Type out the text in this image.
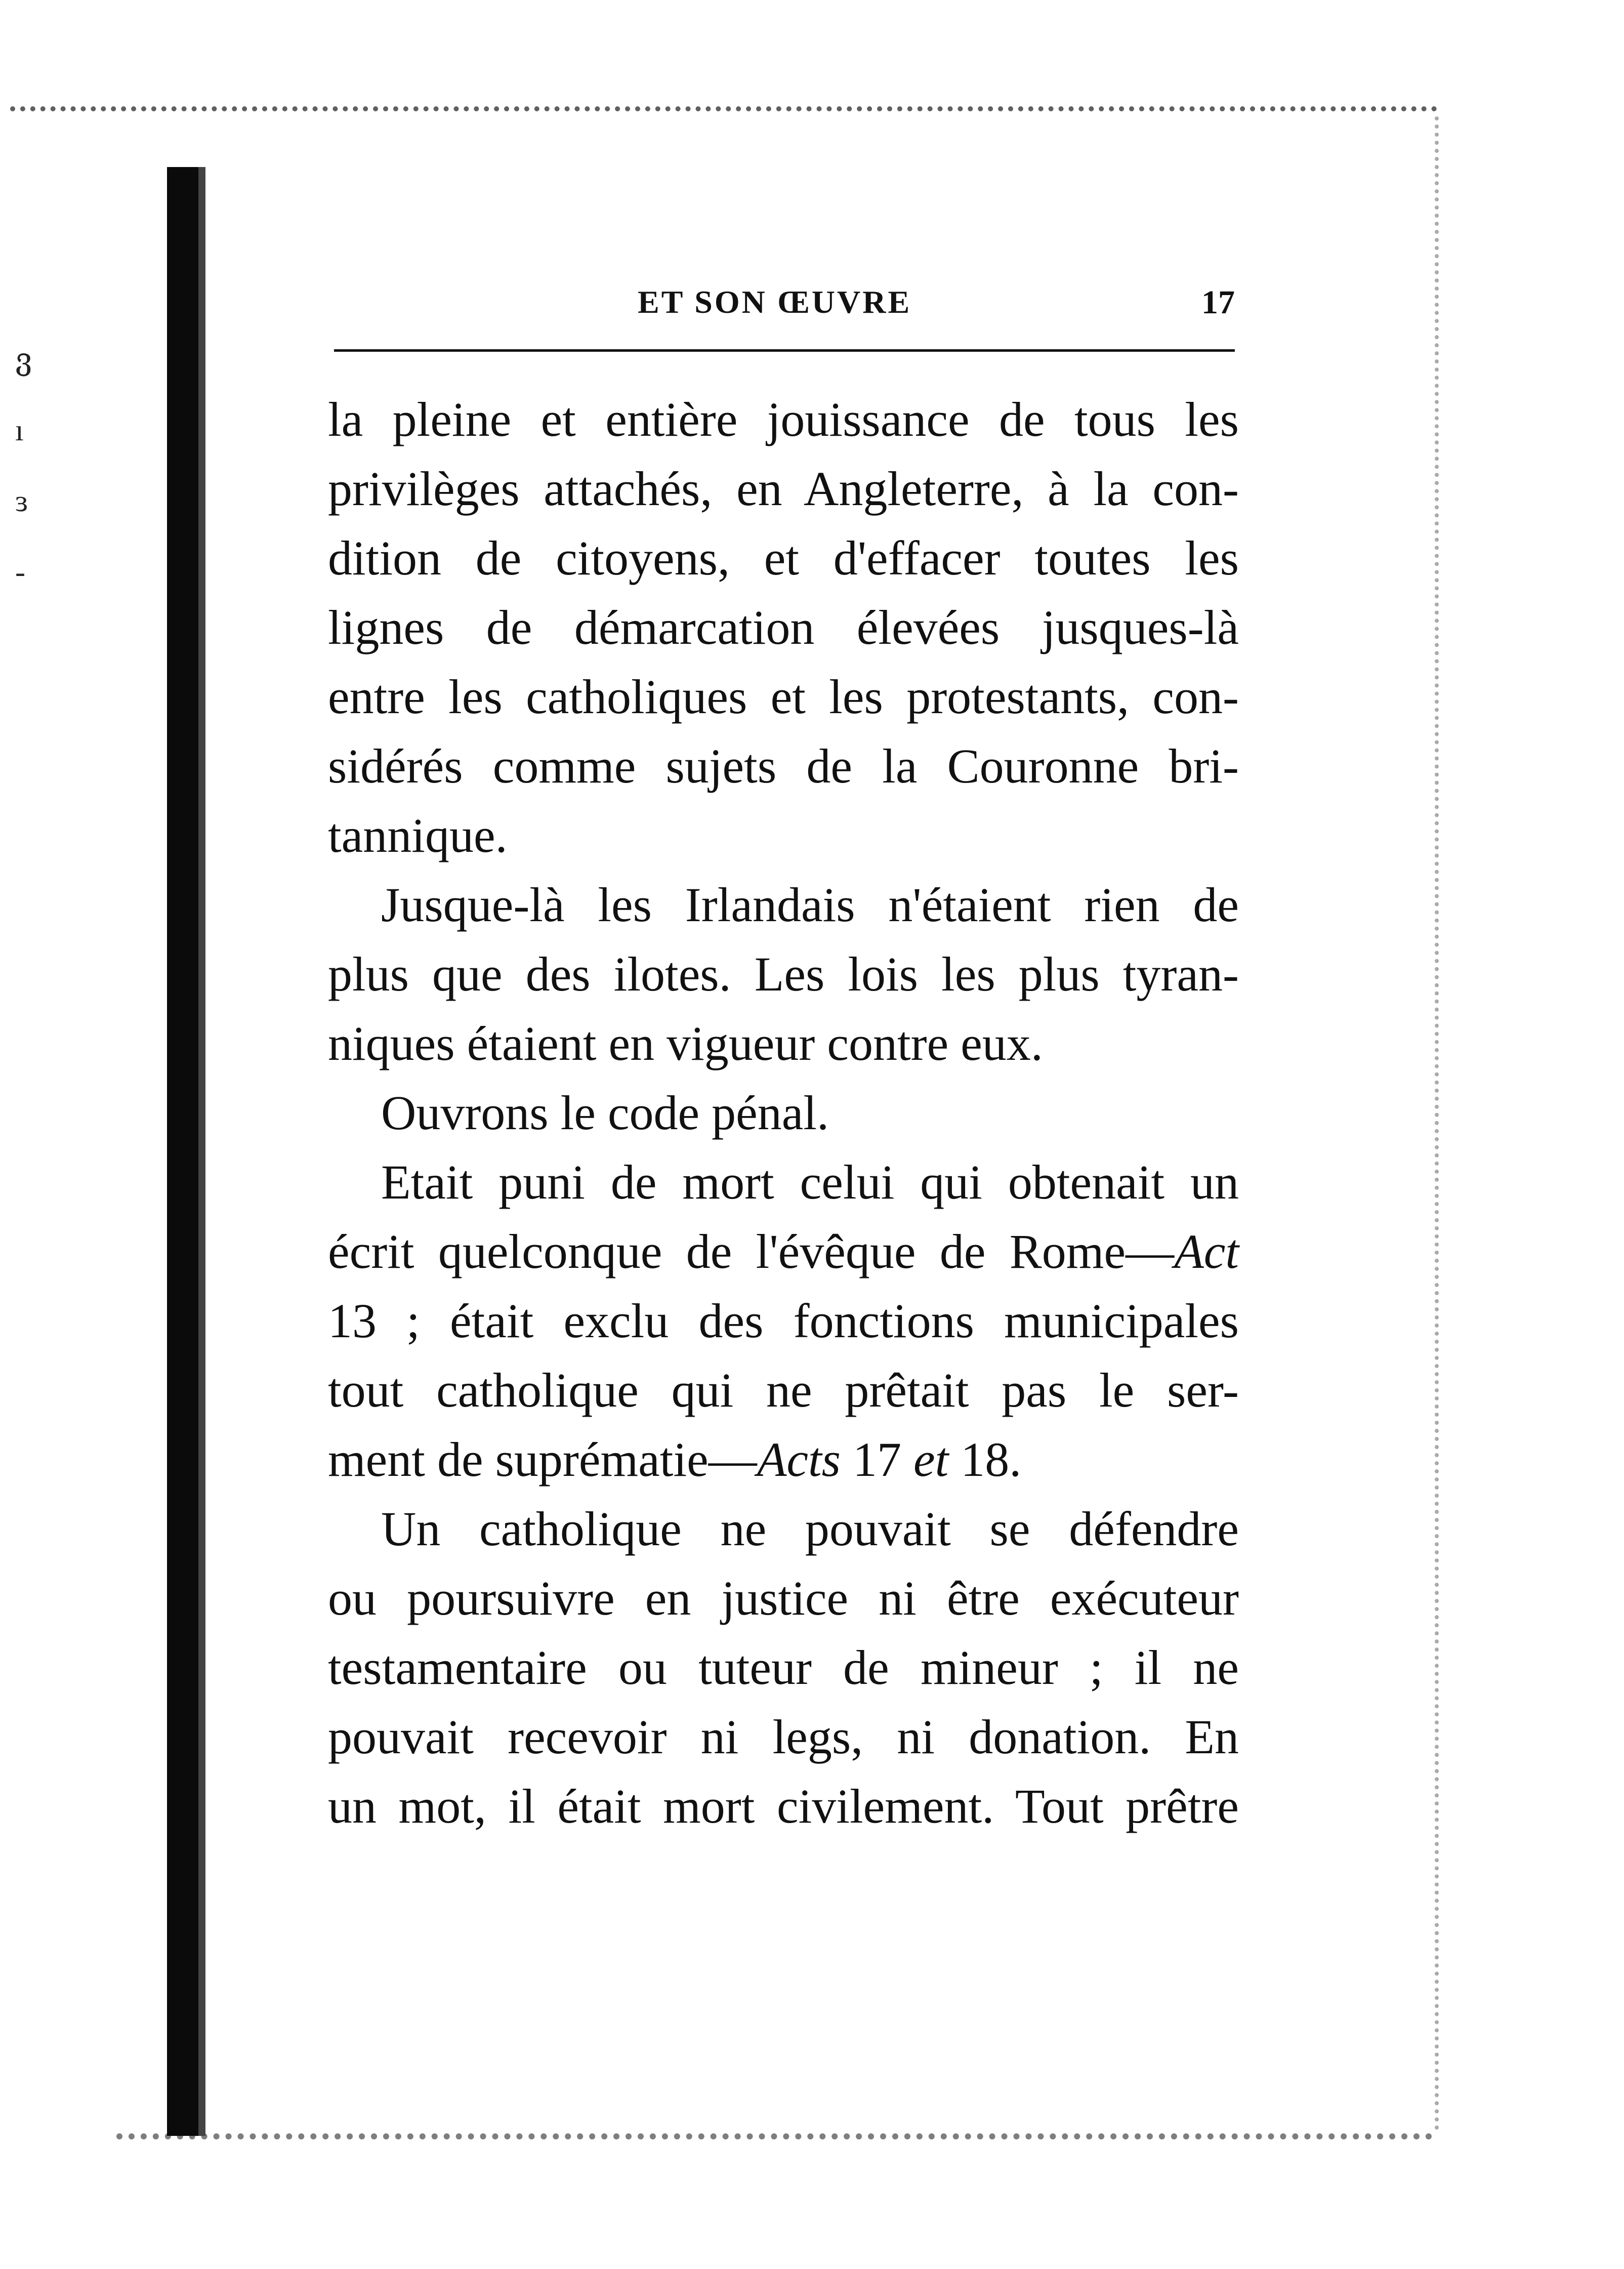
ვ
ı
ɜ
-
ET SON ŒUVRE	17
la pleine et entière jouissance de tous les
privilèges attachés, en Angleterre, à la con-
dition de citoyens, et d'effacer toutes les
lignes de démarcation élevées jusques-là
entre les catholiques et les protestants, con-
sidérés comme sujets de la Couronne bri-
tannique.
Jusque-là les Irlandais n'étaient rien de
plus que des ilotes. Les lois les plus tyran-
niques étaient en vigueur contre eux.
Ouvrons le code pénal.
Etait puni de mort celui qui obtenait un
écrit quelconque de l'évêque de Rome—Act
13 ; était exclu des fonctions municipales
tout catholique qui ne prêtait pas le ser-
ment de suprématie—Acts 17 et 18.
Un catholique ne pouvait se défendre
ou poursuivre en justice ni être exécuteur
testamentaire ou tuteur de mineur ; il ne
pouvait recevoir ni legs, ni donation. En
un mot, il était mort civilement. Tout prêtre
